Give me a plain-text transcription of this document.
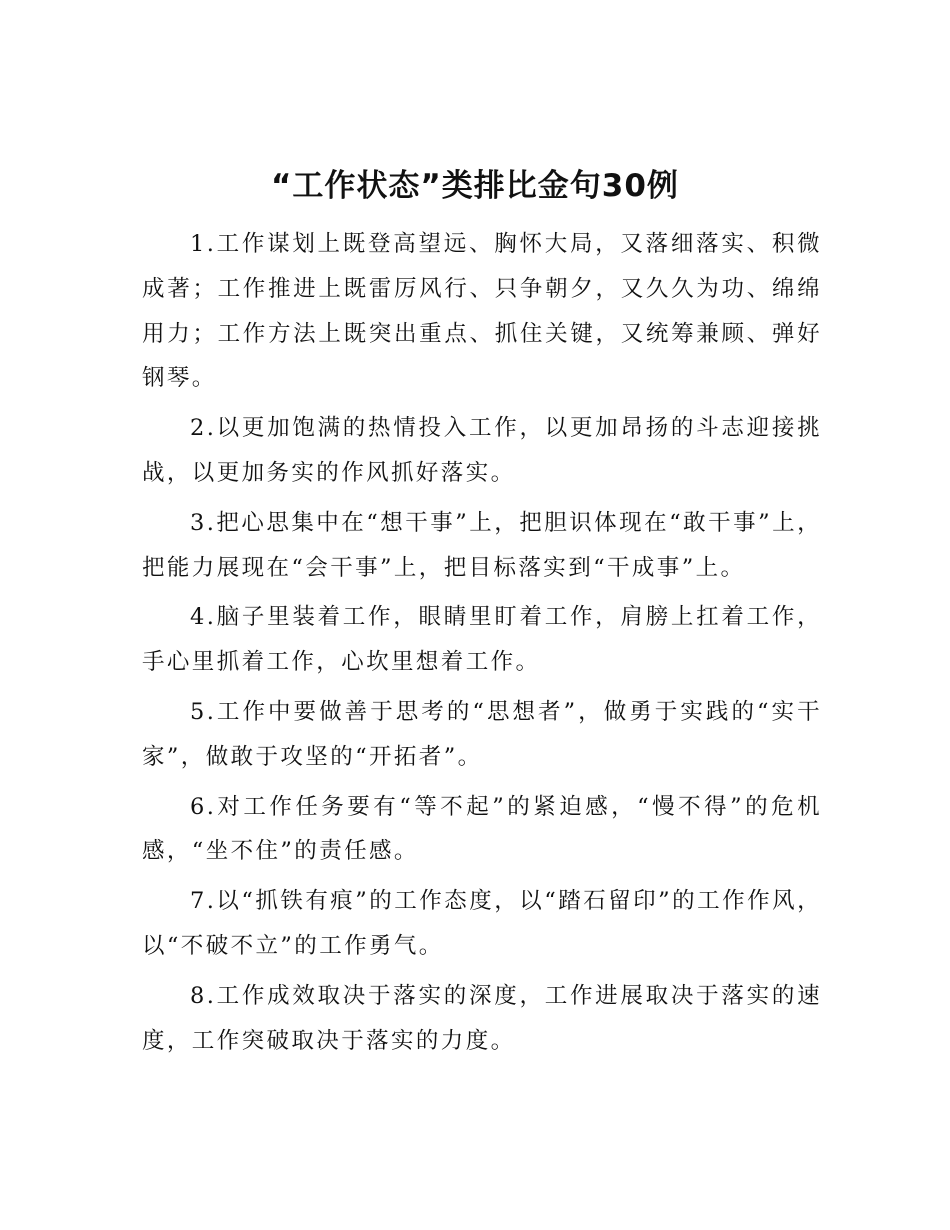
“工作状态”类排比金句30例

1.工作谋划上既登高望远、胸怀大局，又落细落实、积微成著；工作推进上既雷厉风行、只争朝夕，又久久为功、绵绵用力；工作方法上既突出重点、抓住关键，又统筹兼顾、弹好钢琴。

2.以更加饱满的热情投入工作，以更加昂扬的斗志迎接挑战，以更加务实的作风抓好落实。

3.把心思集中在“想干事”上，把胆识体现在“敢干事”上，把能力展现在“会干事”上，把目标落实到“干成事”上。

4.脑子里装着工作，眼睛里盯着工作，肩膀上扛着工作，手心里抓着工作，心坎里想着工作。

5.工作中要做善于思考的“思想者”，做勇于实践的“实干家”，做敢于攻坚的“开拓者”。

6.对工作任务要有“等不起”的紧迫感，“慢不得”的危机感，“坐不住”的责任感。

7.以“抓铁有痕”的工作态度，以“踏石留印”的工作作风，以“不破不立”的工作勇气。

8.工作成效取决于落实的深度，工作进展取决于落实的速度，工作突破取决于落实的力度。
